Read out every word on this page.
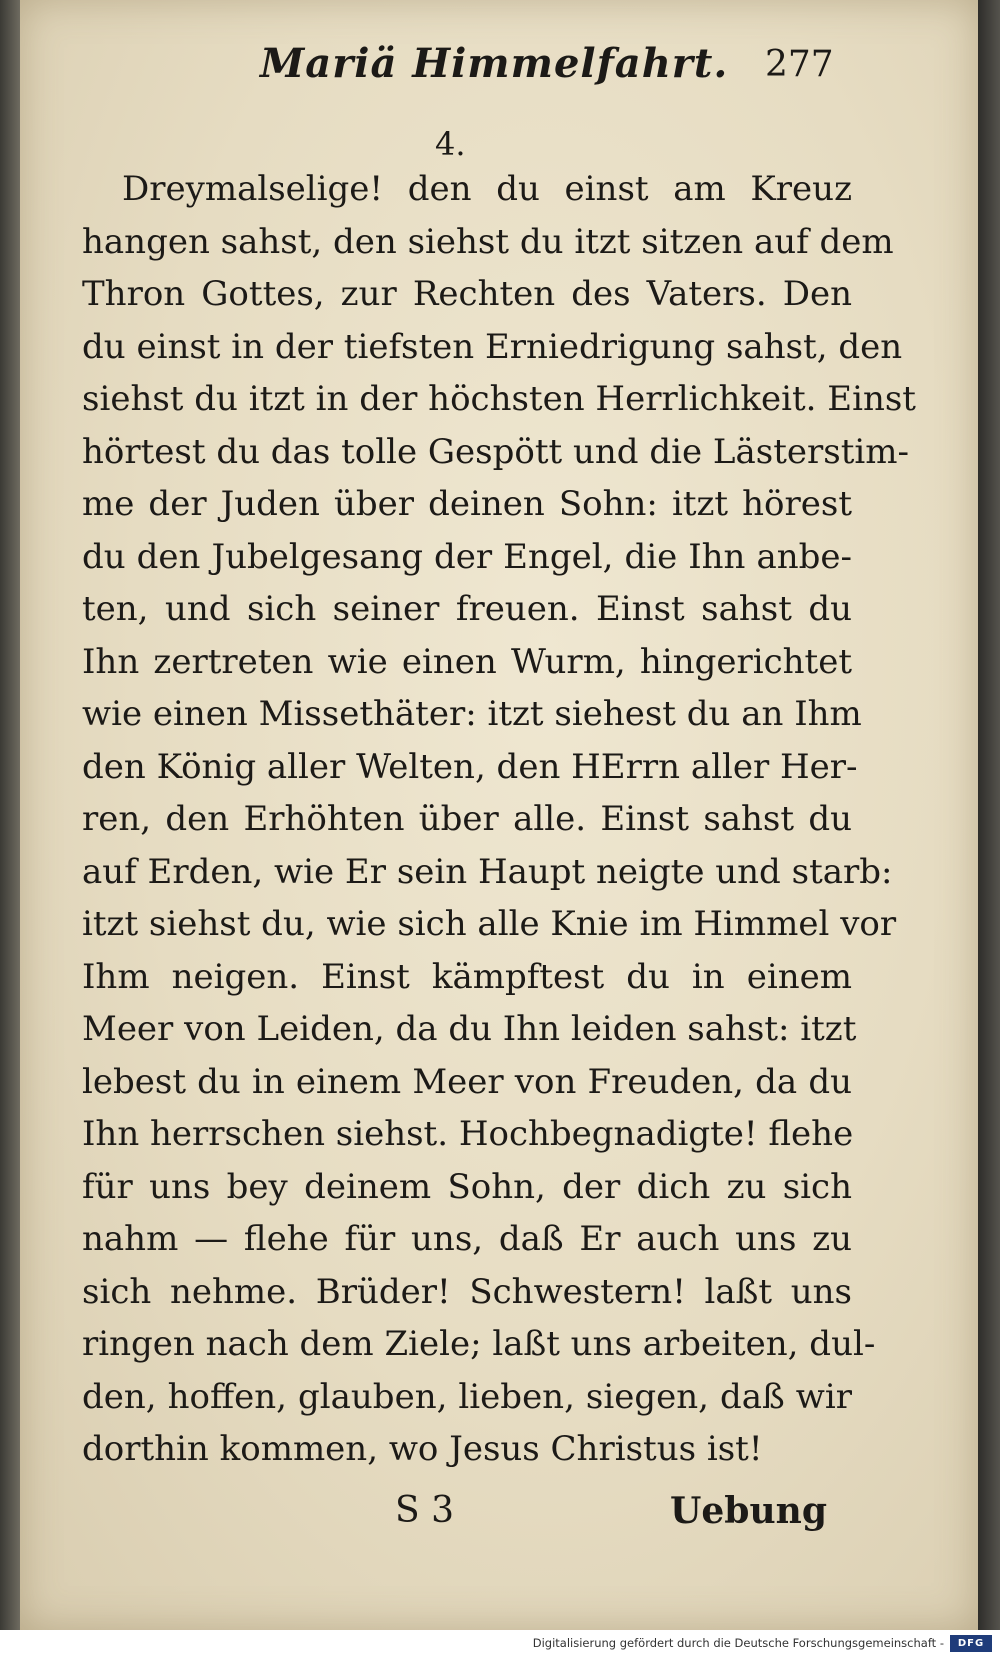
Mariä Himmelfahrt. 277
4.
Dreymalselige! den du einst am Kreuz
hangen sahst, den siehst du itzt sitzen auf dem
Thron Gottes, zur Rechten des Vaters. Den
du einst in der tiefsten Erniedrigung sahst, den
siehst du itzt in der höchsten Herrlichkeit. Einst
hörtest du das tolle Gespött und die Lästerstim-
me der Juden über deinen Sohn: itzt hörest
du den Jubelgesang der Engel, die Ihn anbe-
ten, und sich seiner freuen. Einst sahst du
Ihn zertreten wie einen Wurm, hingerichtet
wie einen Missethäter: itzt siehest du an Ihm
den König aller Welten, den HErrn aller Her-
ren, den Erhöhten über alle. Einst sahst du
auf Erden, wie Er sein Haupt neigte und starb:
itzt siehst du, wie sich alle Knie im Himmel vor
Ihm neigen. Einst kämpftest du in einem
Meer von Leiden, da du Ihn leiden sahst: itzt
lebest du in einem Meer von Freuden, da du
Ihn herrschen siehst. Hochbegnadigte! flehe
für uns bey deinem Sohn, der dich zu sich
nahm — flehe für uns, daß Er auch uns zu
sich nehme. Brüder! Schwestern! laßt uns
ringen nach dem Ziele; laßt uns arbeiten, dul-
den, hoffen, glauben, lieben, siegen, daß wir
dorthin kommen, wo Jesus Christus ist!
S 3	Uebung
Digitalisierung gefördert durch die Deutsche Forschungsgemeinschaft -	DFG
